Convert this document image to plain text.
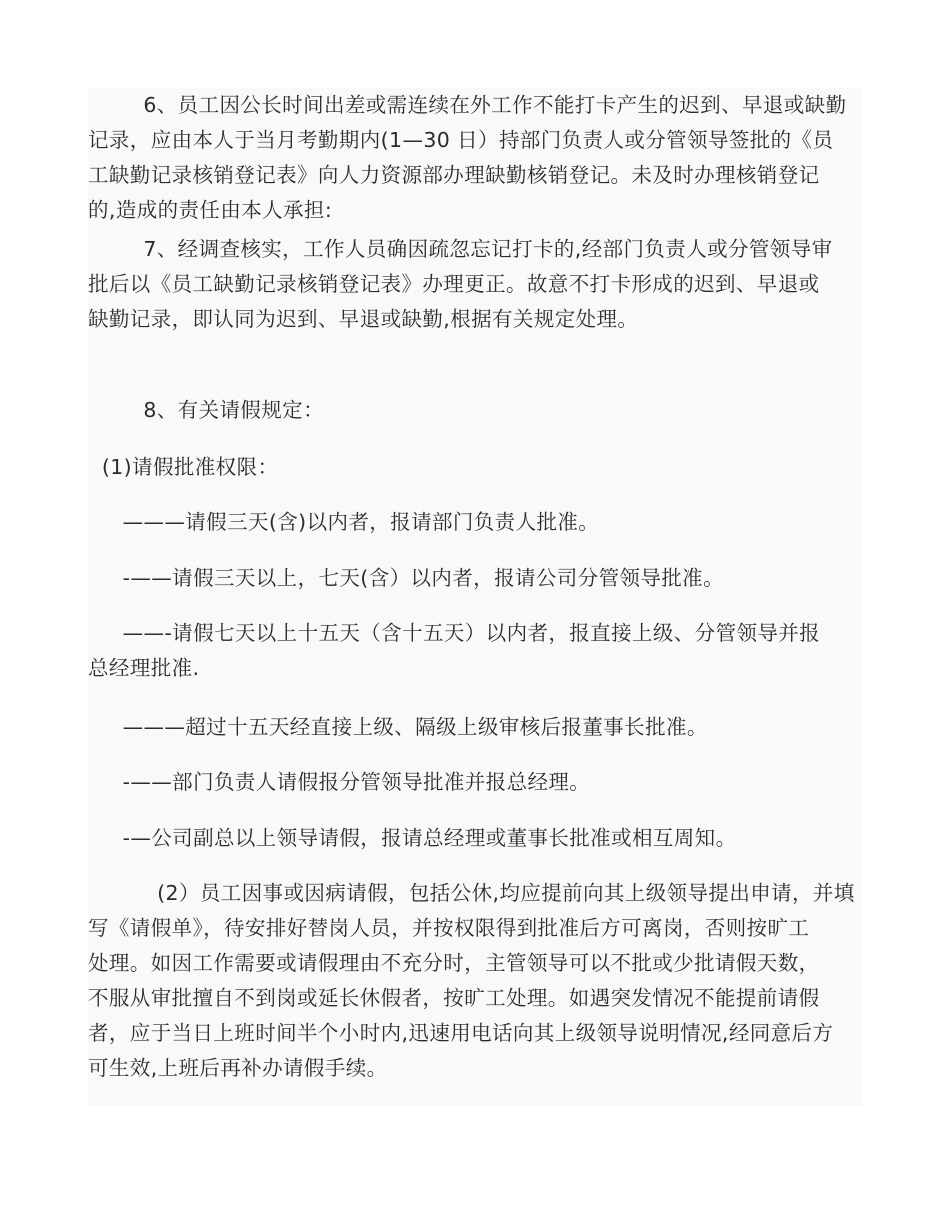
6、员工因公长时间出差或需连续在外工作不能打卡产生的迟到、早退或缺勤
记录，应由本人于当月考勤期内(1—30 日）持部门负责人或分管领导签批的《员
工缺勤记录核销登记表》向人力资源部办理缺勤核销登记。未及时办理核销登记
的,造成的责任由本人承担:

7、经调查核实，工作人员确因疏忽忘记打卡的,经部门负责人或分管领导审
批后以《员工缺勤记录核销登记表》办理更正。故意不打卡形成的迟到、早退或
缺勤记录，即认同为迟到、早退或缺勤,根据有关规定处理。

8、有关请假规定：

(1)请假批准权限：

———请假三天(含)以内者，报请部门负责人批准。

-——请假三天以上，七天(含）以内者，报请公司分管领导批准。

——-请假七天以上十五天（含十五天）以内者，报直接上级、分管领导并报
总经理批准.

———超过十五天经直接上级、隔级上级审核后报董事长批准。

-——部门负责人请假报分管领导批准并报总经理。

-—公司副总以上领导请假，报请总经理或董事长批准或相互周知。

(2）员工因事或因病请假，包括公休,均应提前向其上级领导提出申请，并填
写《请假单》，待安排好替岗人员，并按权限得到批准后方可离岗，否则按旷工
处理。如因工作需要或请假理由不充分时，主管领导可以不批或少批请假天数，
不服从审批擅自不到岗或延长休假者，按旷工处理。如遇突发情况不能提前请假
者，应于当日上班时间半个小时内,迅速用电话向其上级领导说明情况,经同意后方
可生效,上班后再补办请假手续。
